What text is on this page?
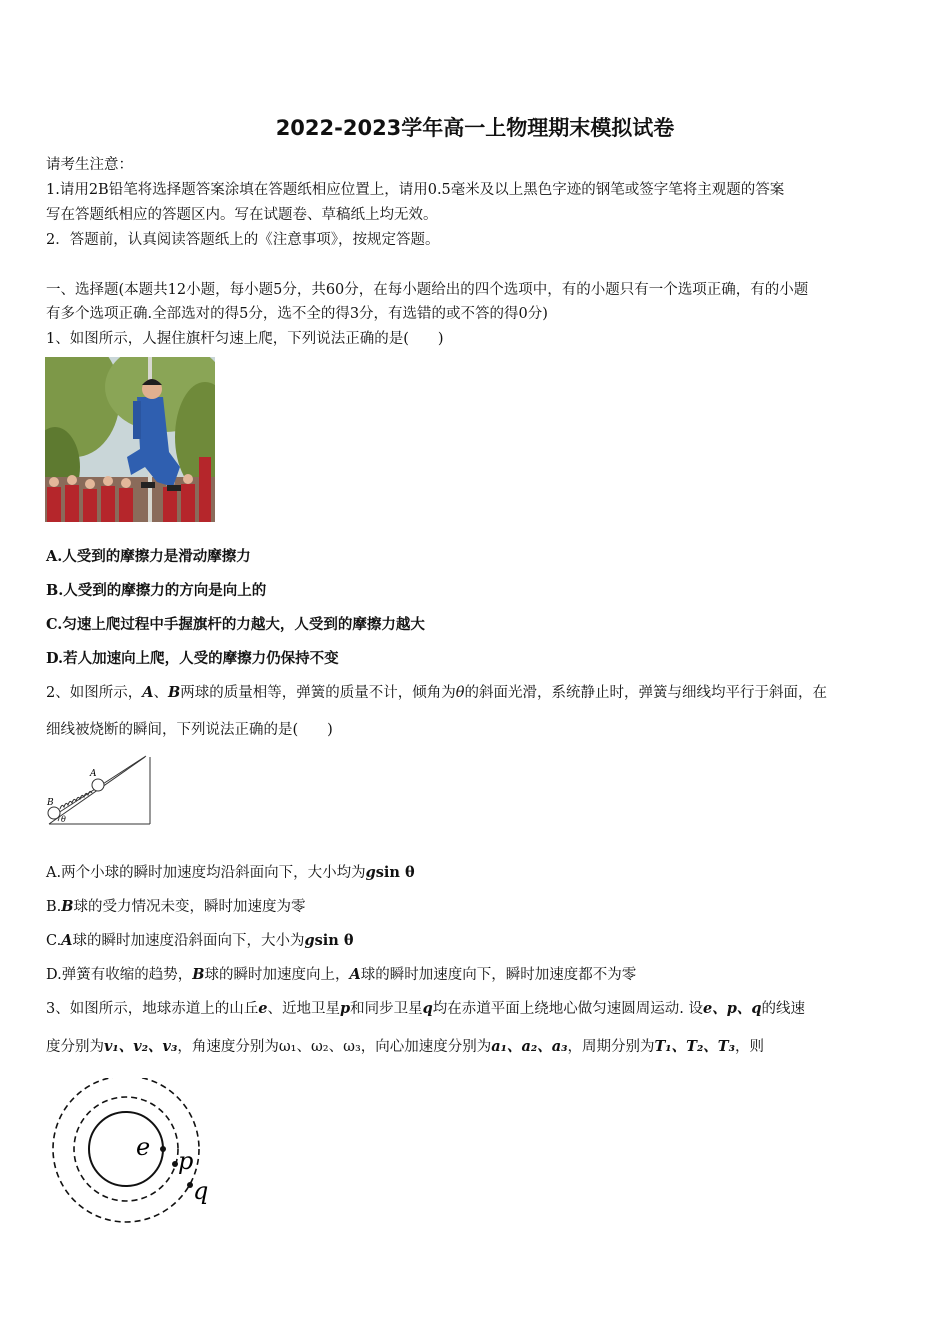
2022-2023学年高一上物理期末模拟试卷
请考生注意：
1.请用2B铅笔将选择题答案涂填在答题纸相应位置上，请用0.5毫米及以上黑色字迹的钢笔或签字笔将主观题的答案
写在答题纸相应的答题区内。写在试题卷、草稿纸上均无效。
2．答题前，认真阅读答题纸上的《注意事项》，按规定答题。
一、选择题(本题共12小题，每小题5分，共60分，在每小题给出的四个选项中，有的小题只有一个选项正确，有的小题
有多个选项正确.全部选对的得5分，选不全的得3分，有选错的或不答的得0分)
1、如图所示，人握住旗杆匀速上爬，下列说法正确的是(　　)
A.人受到的摩擦力是滑动摩擦力
B.人受到的摩擦力的方向是向上的
C.匀速上爬过程中手握旗杆的力越大，人受到的摩擦力越大
D.若人加速向上爬，人受的摩擦力仍保持不变
2、如图所示，A、B两球的质量相等，弹簧的质量不计，倾角为θ的斜面光滑，系统静止时，弹簧与细线均平行于斜面，在
细线被烧断的瞬间，下列说法正确的是(　　)
B
A
θ
A.两个小球的瞬时加速度均沿斜面向下，大小均为gsin θ
B.B球的受力情况未变，瞬时加速度为零
C.A球的瞬时加速度沿斜面向下，大小为gsin θ
D.弹簧有收缩的趋势，B球的瞬时加速度向上，A球的瞬时加速度向下，瞬时加速度都不为零
3、如图所示，地球赤道上的山丘e、近地卫星p和同步卫星q均在赤道平面上绕地心做匀速圆周运动. 设e、p、q的线速
度分别为v₁、v₂、v₃，角速度分别为ω₁、ω₂、ω₃，向心加速度分别为a₁、a₂、a₃，周期分别为T₁、T₂、T₃，则
e p
q
